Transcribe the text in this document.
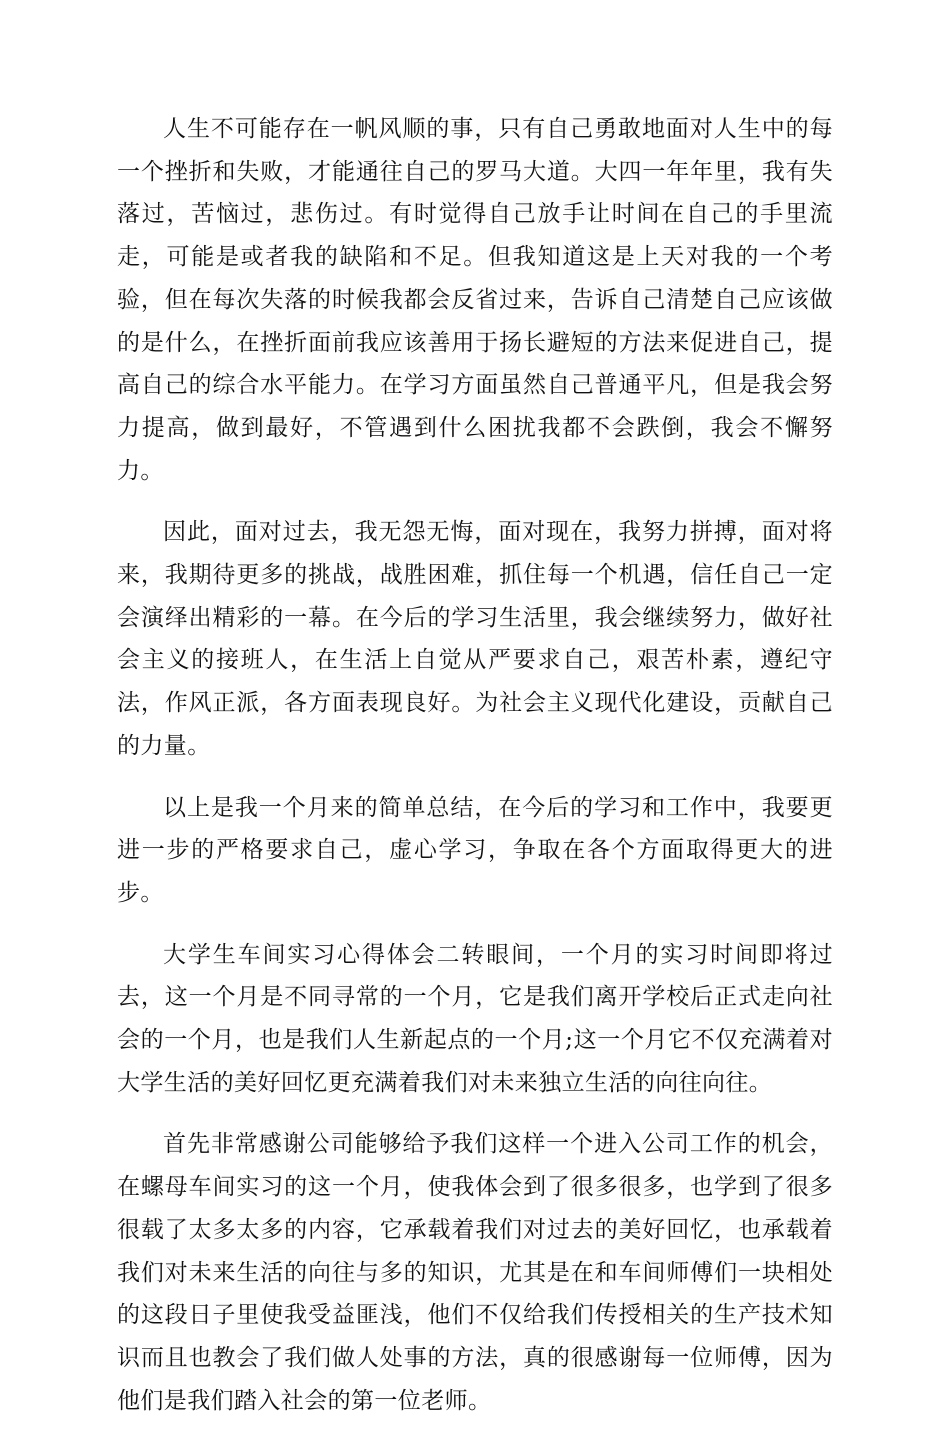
人生不可能存在一帆风顺的事，只有自己勇敢地面对人生中的每一个挫折和失败，才能通往自己的罗马大道。大四一年年里，我有失落过，苦恼过，悲伤过。有时觉得自己放手让时间在自己的手里流走，可能是或者我的缺陷和不足。但我知道这是上天对我的一个考验，但在每次失落的时候我都会反省过来，告诉自己清楚自己应该做的是什么，在挫折面前我应该善用于扬长避短的方法来促进自己，提高自己的综合水平能力。在学习方面虽然自己普通平凡，但是我会努力提高，做到最好，不管遇到什么困扰我都不会跌倒，我会不懈努力。

因此，面对过去，我无怨无悔，面对现在，我努力拼搏，面对将来，我期待更多的挑战，战胜困难，抓住每一个机遇，信任自己一定会演绎出精彩的一幕。在今后的学习生活里，我会继续努力，做好社会主义的接班人，在生活上自觉从严要求自己，艰苦朴素，遵纪守法，作风正派，各方面表现良好。为社会主义现代化建设，贡献自己的力量。

以上是我一个月来的简单总结，在今后的学习和工作中，我要更进一步的严格要求自己，虚心学习，争取在各个方面取得更大的进步。

大学生车间实习心得体会二转眼间，一个月的实习时间即将过去，这一个月是不同寻常的一个月，它是我们离开学校后正式走向社会的一个月，也是我们人生新起点的一个月;这一个月它不仅充满着对大学生活的美好回忆更充满着我们对未来独立生活的向往向往。

首先非常感谢公司能够给予我们这样一个进入公司工作的机会，在螺母车间实习的这一个月，使我体会到了很多很多，也学到了很多很载了太多太多的内容，它承载着我们对过去的美好回忆，也承载着我们对未来生活的向往与多的知识，尤其是在和车间师傅们一块相处的这段日子里使我受益匪浅，他们不仅给我们传授相关的生产技术知识而且也教会了我们做人处事的方法，真的很感谢每一位师傅，因为他们是我们踏入社会的第一位老师。
